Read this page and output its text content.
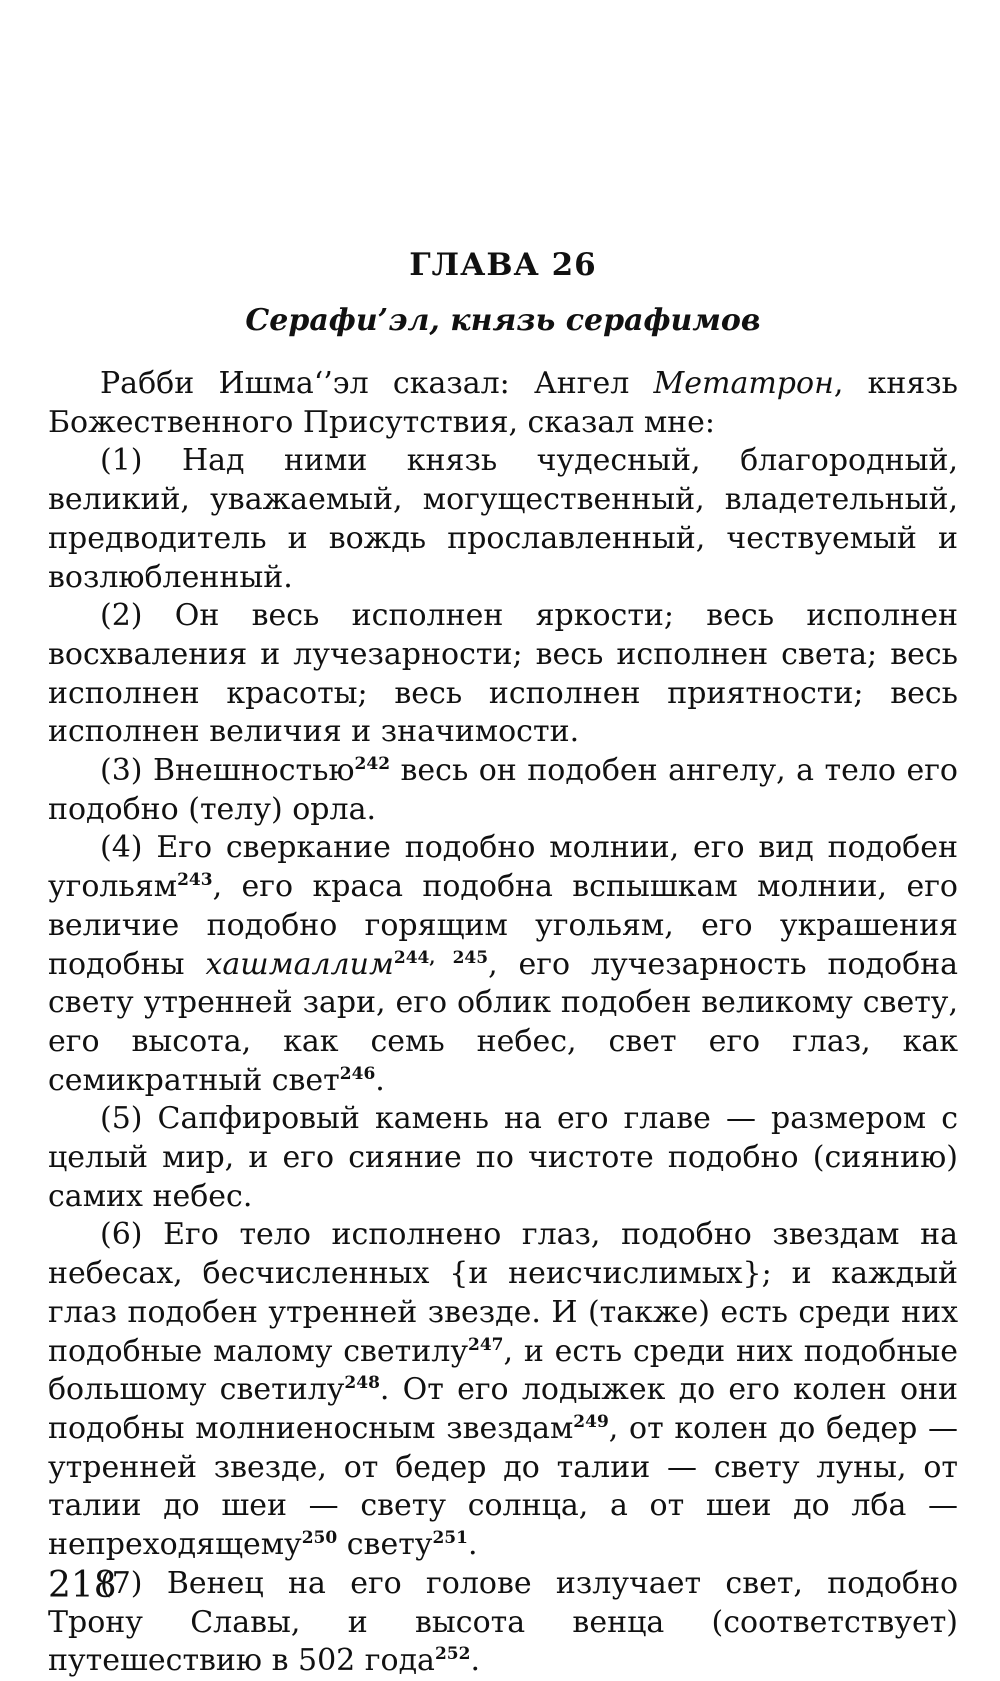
ГЛАВА 26
Серафи’эл, князь серафимов

Рабби Ишма‘’эл сказал: Ангел Метатрон, князь Божественного Присутствия, сказал мне:

(1) Над ними князь чудесный, благородный, великий, уважаемый, могущественный, владетельный, предводитель и вождь прославленный, чествуемый и возлюбленный.

(2) Он весь исполнен яркости; весь исполнен восхваления и лучезарности; весь исполнен света; весь исполнен красоты; весь исполнен приятности; весь исполнен величия и значимости.

(3) Внешностью$^{242}$ весь он подобен ангелу, а тело его подобно (телу) орла.

(4) Его сверкание подобно молнии, его вид подобен угольям$^{243}$, его краса подобна вспышкам молнии, его величие подобно горящим угольям, его украшения подобны хашмаллим$^{244, 245}$, его лучезарность подобна свету утренней зари, его облик подобен великому свету, его высота, как семь небес, свет его глаз, как семикратный свет$^{246}$.

(5) Сапфировый камень на его главе — размером с целый мир, и его сияние по чистоте подобно (сиянию) самих небес.

(6) Его тело исполнено глаз, подобно звездам на небесах, бесчисленных {и неисчислимых}; и каждый глаз подобен утренней звезде. И (также) есть среди них подобные малому светилу$^{247}$, и есть среди них подобные большому светилу$^{248}$. От его лодыжек до его колен они подобны молниеносным звездам$^{249}$, от колен до бедер — утренней звезде, от бедер до талии — свету луны, от талии до шеи — свету солнца, а от шеи до лба — непреходящему$^{250}$ свету$^{251}$.

(7) Венец на его голове излучает свет, подобно Трону Славы, и высота венца (соответствует) путешествию в 502 года$^{252}$.

218
